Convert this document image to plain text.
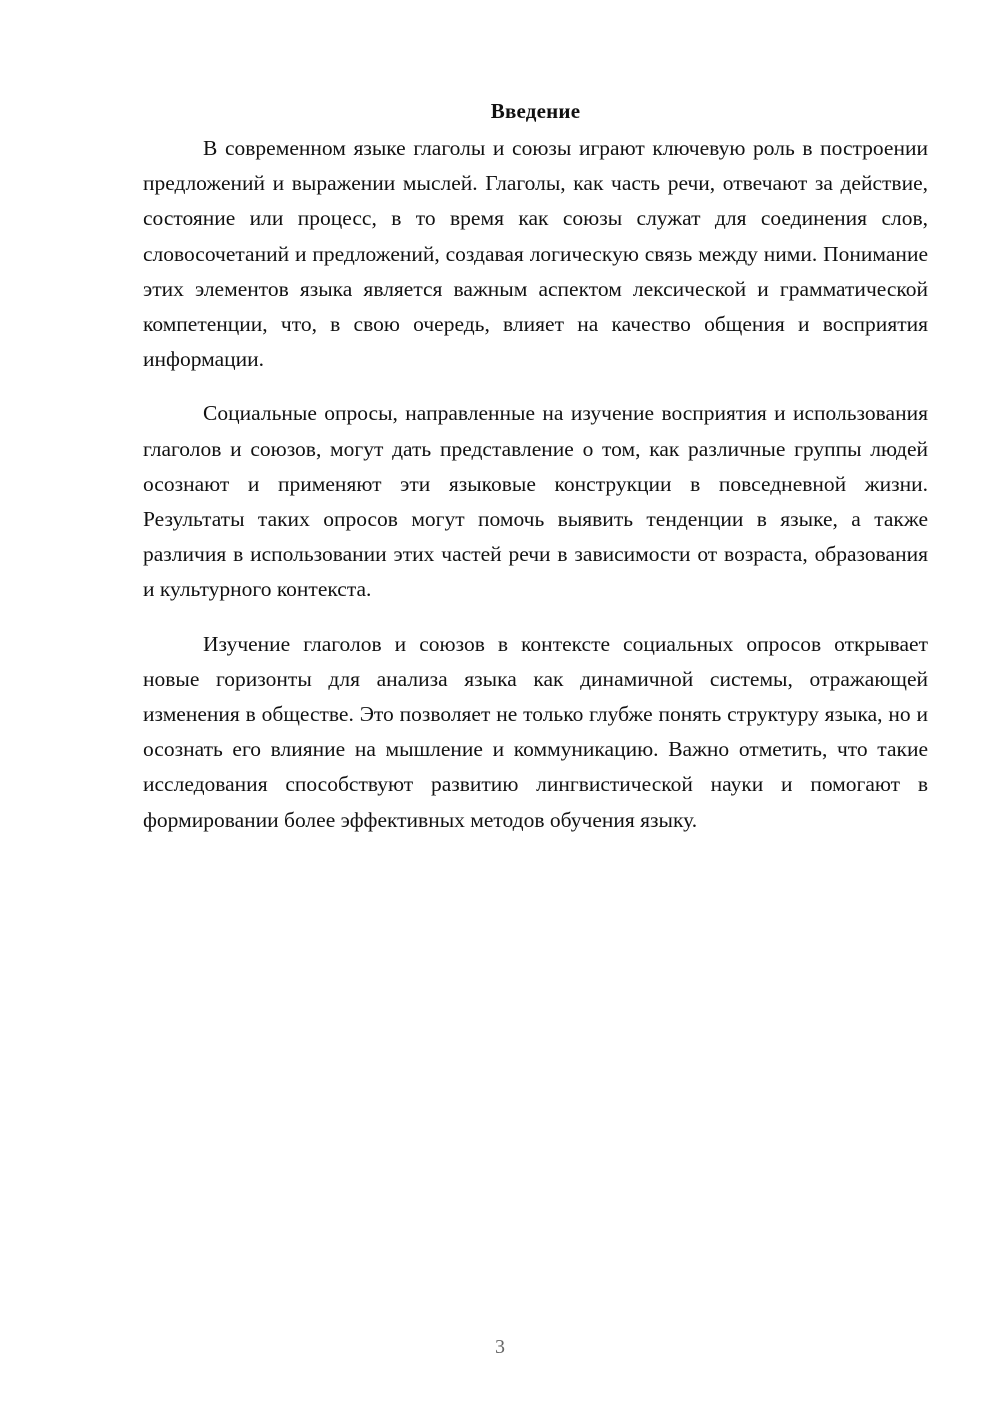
Введение

В современном языке глаголы и союзы играют ключевую роль в построении предложений и выражении мыслей. Глаголы, как часть речи, отвечают за действие, состояние или процесс, в то время как союзы служат для соединения слов, словосочетаний и предложений, создавая логическую связь между ними. Понимание этих элементов языка является важным аспектом лексической и грамматической компетенции, что, в свою очередь, влияет на качество общения и восприятия информации.

Социальные опросы, направленные на изучение восприятия и использования глаголов и союзов, могут дать представление о том, как различные группы людей осознают и применяют эти языковые конструкции в повседневной жизни. Результаты таких опросов могут помочь выявить тенденции в языке, а также различия в использовании этих частей речи в зависимости от возраста, образования и культурного контекста.

Изучение глаголов и союзов в контексте социальных опросов открывает новые горизонты для анализа языка как динамичной системы, отражающей изменения в обществе. Это позволяет не только глубже понять структуру языка, но и осознать его влияние на мышление и коммуникацию. Важно отметить, что такие исследования способствуют развитию лингвистической науки и помогают в формировании более эффективных методов обучения языку.

3
